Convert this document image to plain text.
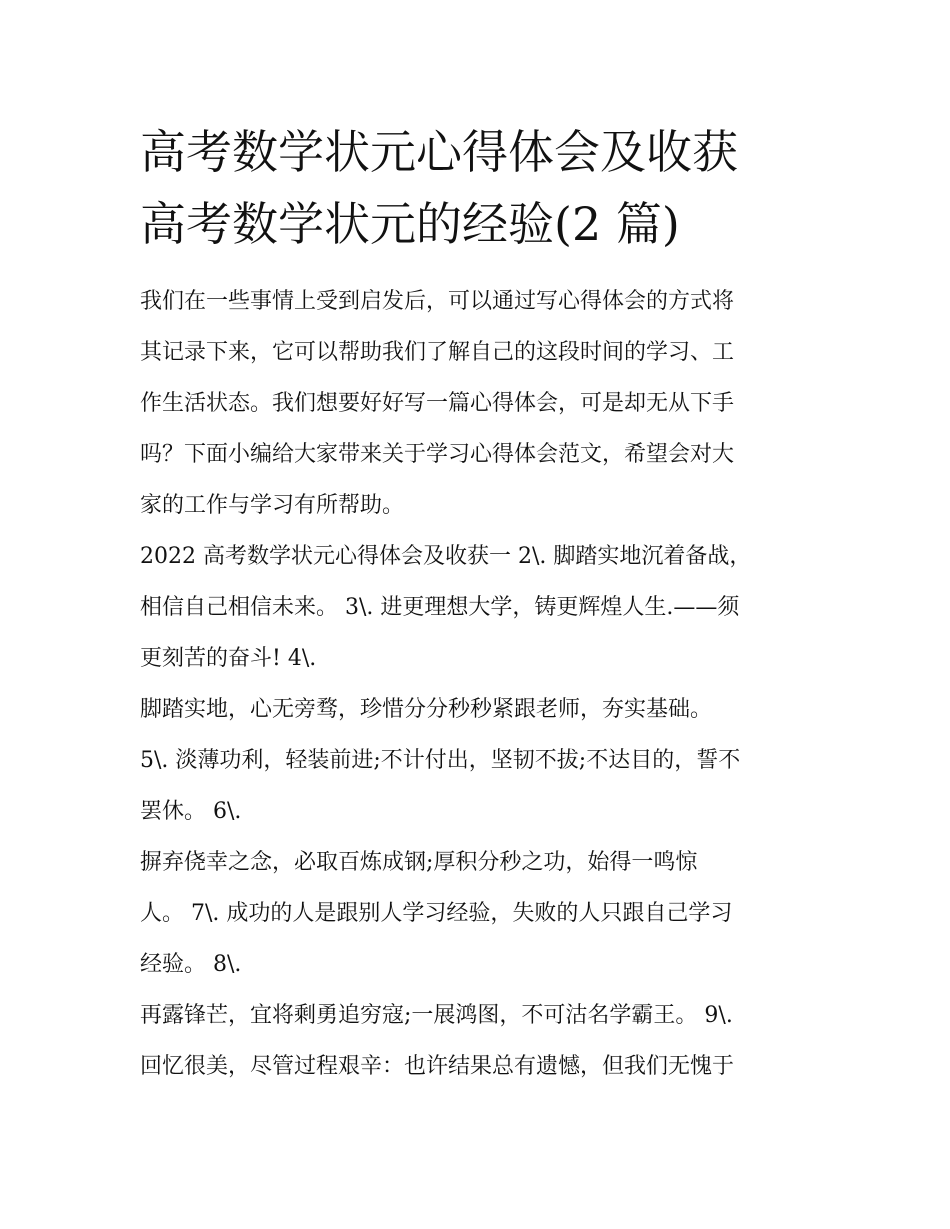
高考数学状元心得体会及收获
高考数学状元的经验(2 篇)
我们在一些事情上受到启发后，可以通过写心得体会的方式将
其记录下来，它可以帮助我们了解自己的这段时间的学习、工
作生活状态。我们想要好好写一篇心得体会，可是却无从下手
吗？下面小编给大家带来关于学习心得体会范文，希望会对大
家的工作与学习有所帮助。
2022 高考数学状元心得体会及收获一 2\. 脚踏实地沉着备战，
相信自己相信未来。 3\. 进更理想大学，铸更辉煌人生.——须
更刻苦的奋斗! 4\.
脚踏实地，心无旁骛，珍惜分分秒秒紧跟老师，夯实基础。
5\. 淡薄功利，轻装前进;不计付出，坚韧不拔;不达目的，誓不
罢休。 6\.
摒弃侥幸之念，必取百炼成钢;厚积分秒之功，始得一鸣惊
人。 7\. 成功的人是跟别人学习经验，失败的人只跟自己学习
经验。 8\.
再露锋芒，宜将剩勇追穷寇;一展鸿图，不可沽名学霸王。 9\.
回忆很美，尽管过程艰辛：也许结果总有遗憾，但我们无愧于
